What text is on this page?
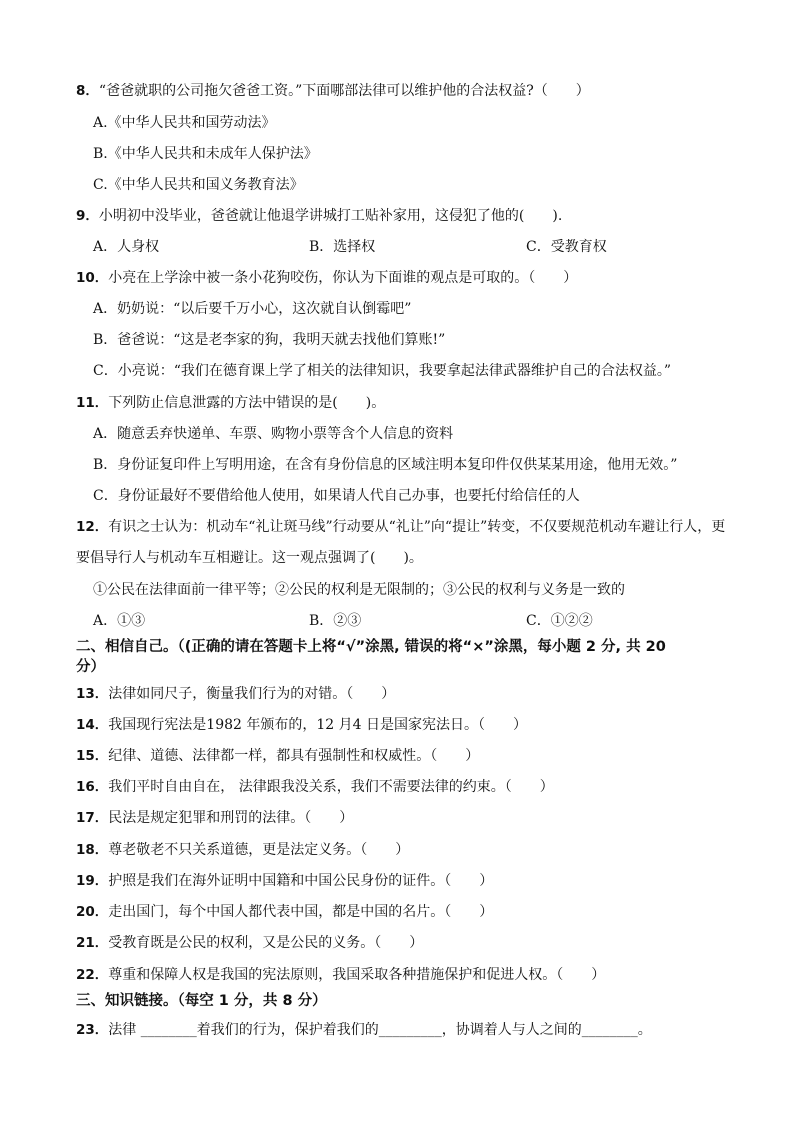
8．“爸爸就职的公司拖欠爸爸工资。”下面哪部法律可以维护他的合法权益?（　　）
A.《中华人民共和国劳动法》
B.《中华人民共和未成年人保护法》
C.《中华人民共和国义务教育法》
9．小明初中没毕业，爸爸就让他退学讲城打工贴补家用，这侵犯了他的(　　).
A．人身权	B．选择权	C．受教育权
10．小亮在上学涂中被一条小花狗咬伤，你认为下面谁的观点是可取的。（　　）
A．奶奶说：“以后要千万小心，这次就自认倒霉吧”
B．爸爸说：“这是老李家的狗，我明天就去找他们算账!”
C．小亮说：“我们在德育课上学了相关的法律知识，我要拿起法律武器维护自己的合法权益。”
11．下列防止信息泄露的方法中错误的是(　　)。
A．随意丢弃快递单、车票、购物小票等含个人信息的资料
B．身份证复印件上写明用途，在含有身份信息的区域注明本复印件仅供某某用途，他用无效。”
C．身份证最好不要借给他人使用，如果请人代自己办事，也要托付给信任的人
12．有识之士认为：机动车“礼让斑马线”行动要从“礼让”向“提让”转变，不仅要规范机动车避让行人，更
要倡导行人与机动车互相避让。这一观点强调了(　　)。
①公民在法律面前一律平等；②公民的权利是无限制的；③公民的权利与义务是一致的
A．①③	B．②③	C．①②②
二、相信自己。（(正确的请在答题卡上将“√”涂黑, 错误的将“×”涂黑，每小题 2 分, 共 20
分）
13．法律如同尺子，衡量我们行为的对错。（　　）
14．我国现行宪法是1982 年颁布的，12 月4 日是国家宪法日。（　　）
15．纪律、道德、法律都一样，都具有强制性和权威性。（　　）
16．我们平时自由自在， 法律跟我没关系，我们不需要法律的约束。（　　）
17．民法是规定犯罪和刑罚的法律。（　　）
18．尊老敬老不只关系道德，更是法定义务。（　　）
19．护照是我们在海外证明中国籍和中国公民身份的证件。（　　）
20．走出国门，每个中国人都代表中国，都是中国的名片。（　　）
21．受教育既是公民的权利，又是公民的义务。（　　）
22．尊重和保障人权是我国的宪法原则，我国采取各种措施保护和促进人权。（　　）
三、知识链接。（每空 1 分，共 8 分）
23．法律 ________着我们的行为，保护着我们的_________，协调着人与人之间的________。
